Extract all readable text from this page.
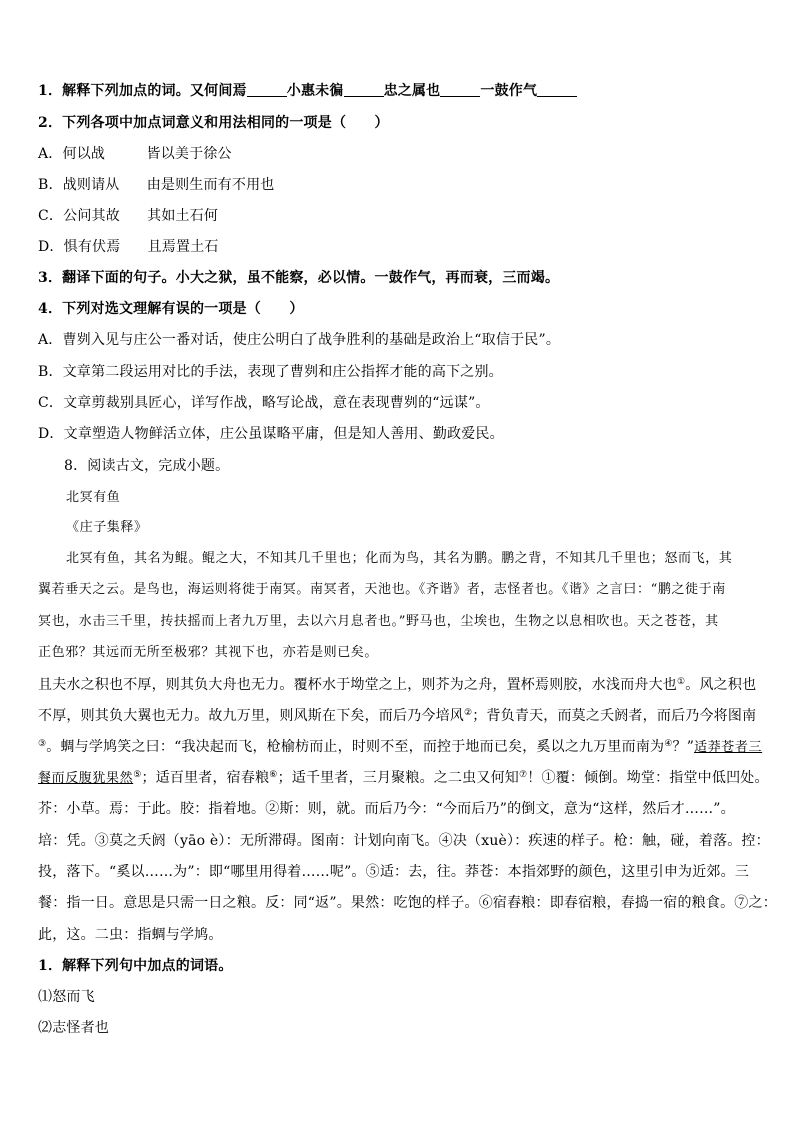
1．解释下列加点的词。又何间焉	小惠未徧	忠之属也	一鼓作气
2．下列各项中加点词意义和用法相同的一项是（　　）
A．何以战	皆以美于徐公
B．战则请从 由是则生而有不用也
C．公问其故 其如土石何
D．惧有伏焉 且焉置土石
3．翻译下面的句子。小大之狱，虽不能察，必以情。一鼓作气，再而衰，三而竭。
4．下列对选文理解有误的一项是（　　）
A．曹刿入见与庄公一番对话，使庄公明白了战争胜利的基础是政治上“取信于民”。
B．文章第二段运用对比的手法，表现了曹刿和庄公指挥才能的高下之别。
C．文章剪裁别具匠心，详写作战，略写论战，意在表现曹刿的“远谋”。
D．文章塑造人物鲜活立体，庄公虽谋略平庸，但是知人善用、勤政爱民。
8．阅读古文，完成小题。
北冥有鱼
《庄子集释》
北冥有鱼，其名为鲲。鲲之大，不知其几千里也；化而为鸟，其名为鹏。鹏之背，不知其几千里也；怒而飞，其
翼若垂天之云。是鸟也，海运则将徙于南冥。南冥者，天池也。《齐谐》者，志怪者也。《谐》之言曰：“鹏之徙于南
冥也，水击三千里，抟扶摇而上者九万里，去以六月息者也。”野马也，尘埃也，生物之以息相吹也。天之苍苍，其
正色邪？其远而无所至极邪？其视下也，亦若是则已矣。
且夫水之积也不厚，则其负大舟也无力。覆杯水于坳堂之上，则芥为之舟，置杯焉则胶，水浅而舟大也①。风之积也
不厚，则其负大翼也无力。故九万里，则风斯在下矣，而后乃今培风②；背负青天，而莫之夭阏者，而后乃今将图南
③。蜩与学鸠笑之曰：“我决起而飞，枪榆枋而止，时则不至，而控于地而已矣，奚以之九万里而南为④？”适莽苍者三
餐而反腹犹果然⑤；适百里者，宿春粮⑥；适千里者，三月聚粮。之二虫又何知⑦！①覆：倾倒。坳堂：指堂中低凹处。
芥：小草。焉：于此。胶：指着地。②斯：则，就。而后乃今：“今而后乃”的倒文，意为“这样，然后才……”。
培：凭。③莫之夭阏（yāo è）：无所滞碍。图南：计划向南飞。④决（xuè）：疾速的样子。枪：触，碰，着落。控：
投，落下。“奚以……为”：即“哪里用得着……呢”。⑤适：去，往。莽苍：本指郊野的颜色，这里引申为近郊。三
餐：指一日。意思是只需一日之粮。反：同“返”。果然：吃饱的样子。⑥宿舂粮：即春宿粮，春捣一宿的粮食。⑦之：
此，这。二虫：指蜩与学鸠。
1．解释下列句中加点的词语。
⑴怒而飞
⑵志怪者也
